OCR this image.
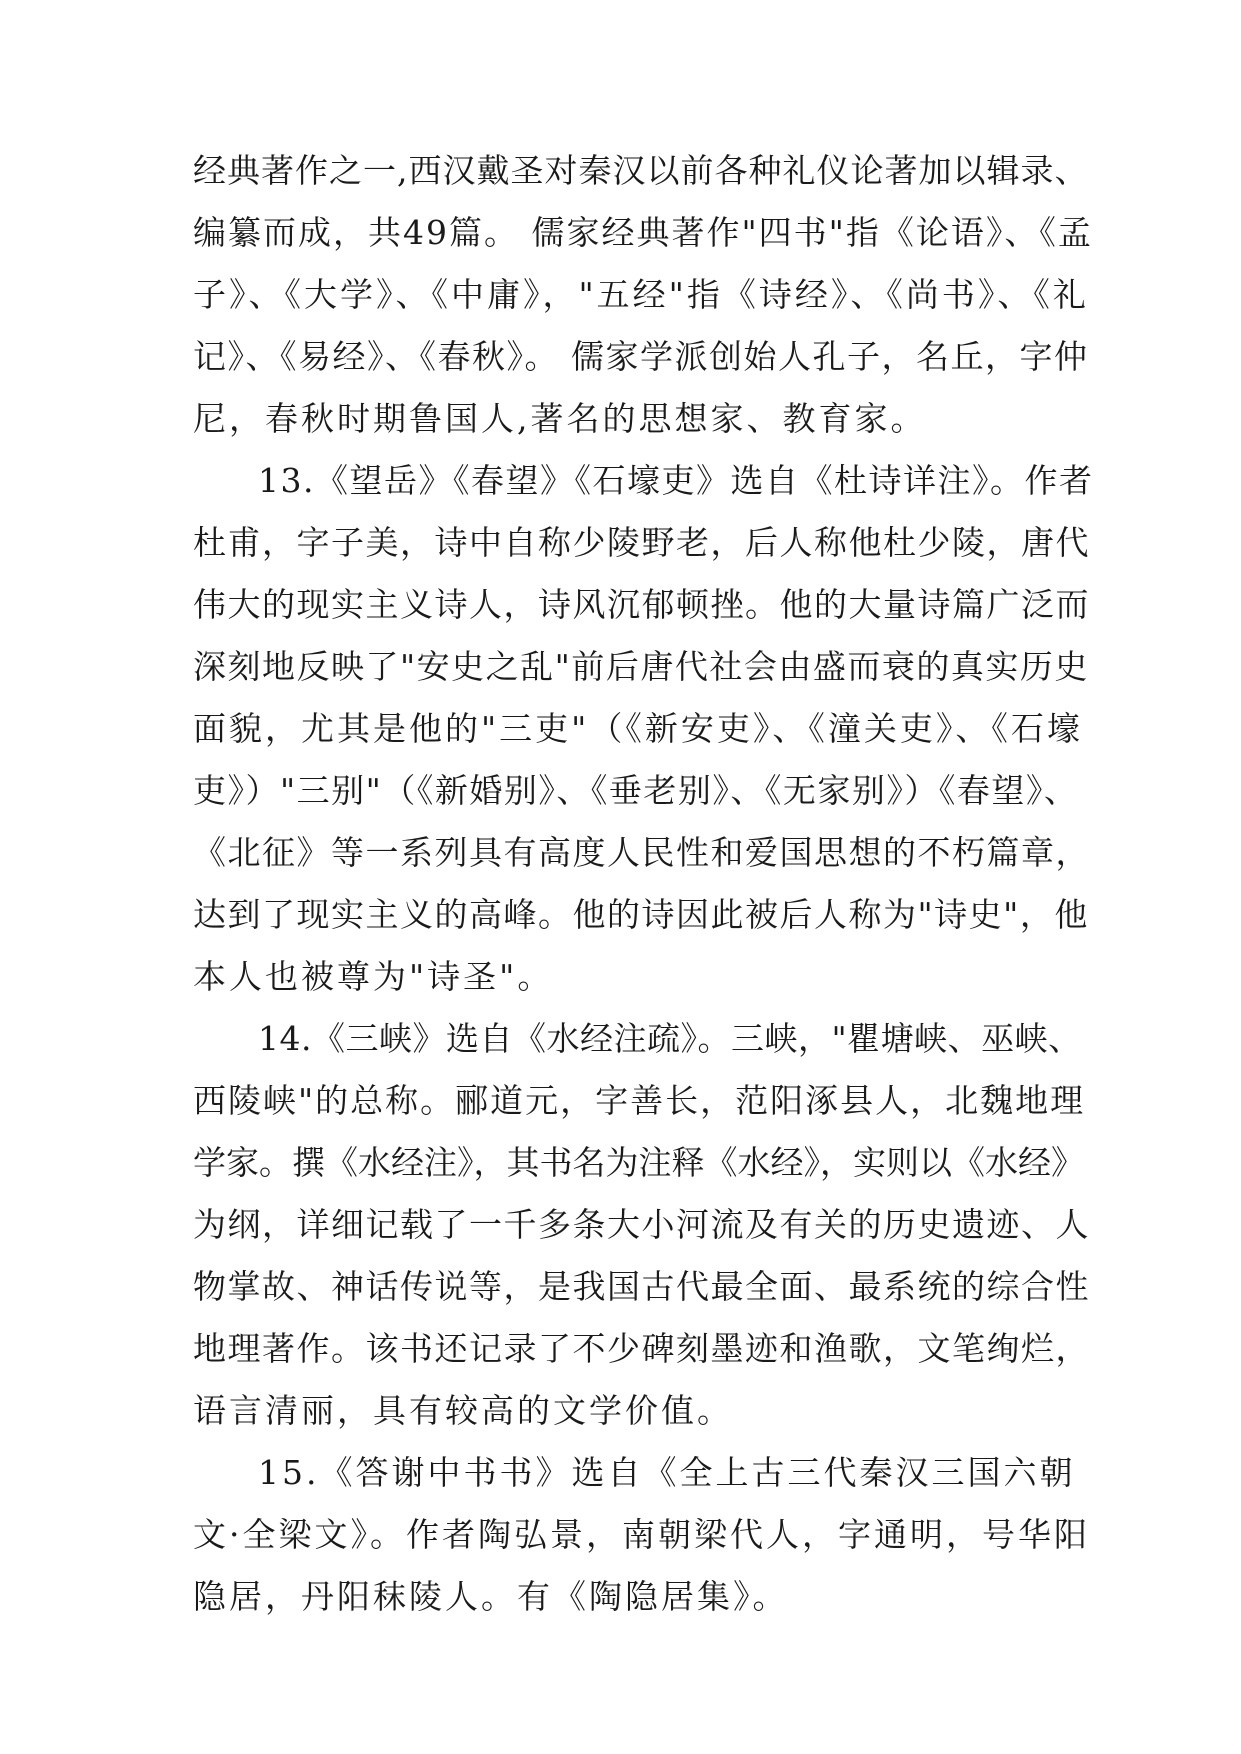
经典著作之一,西汉戴圣对秦汉以前各种礼仪论著加以辑录、
编纂而成，共49篇。 儒家经典著作"四书"指《论语》、《孟
子》、《大学》、《中庸》，"五经"指《诗经》、《尚书》、《礼
记》、《易经》、《春秋》。 儒家学派创始人孔子，名丘，字仲
尼，春秋时期鲁国人,著名的思想家、教育家。
13.《望岳》《春望》《石壕吏》选自《杜诗详注》。作者
杜甫，字子美，诗中自称少陵野老，后人称他杜少陵，唐代
伟大的现实主义诗人，诗风沉郁顿挫。他的大量诗篇广泛而
深刻地反映了"安史之乱"前后唐代社会由盛而衰的真实历史
面貌，尤其是他的"三吏"（《新安吏》、《潼关吏》、《石壕
吏》）"三别"（《新婚别》、《垂老别》、《无家别》）《春望》、
《北征》等一系列具有高度人民性和爱国思想的不朽篇章，
达到了现实主义的高峰。他的诗因此被后人称为"诗史"，他
本人也被尊为"诗圣"。
14.《三峡》选自《水经注疏》。三峡，"瞿塘峡、巫峡、
西陵峡"的总称。郦道元，字善长，范阳涿县人，北魏地理
学家。撰《水经注》，其书名为注释《水经》，实则以《水经》
为纲，详细记载了一千多条大小河流及有关的历史遗迹、人
物掌故、神话传说等，是我国古代最全面、最系统的综合性
地理著作。该书还记录了不少碑刻墨迹和渔歌，文笔绚烂，
语言清丽，具有较高的文学价值。
15.《答谢中书书》选自《全上古三代秦汉三国六朝
文·全梁文》。作者陶弘景，南朝梁代人，字通明，号华阳
隐居，丹阳秣陵人。有《陶隐居集》。
